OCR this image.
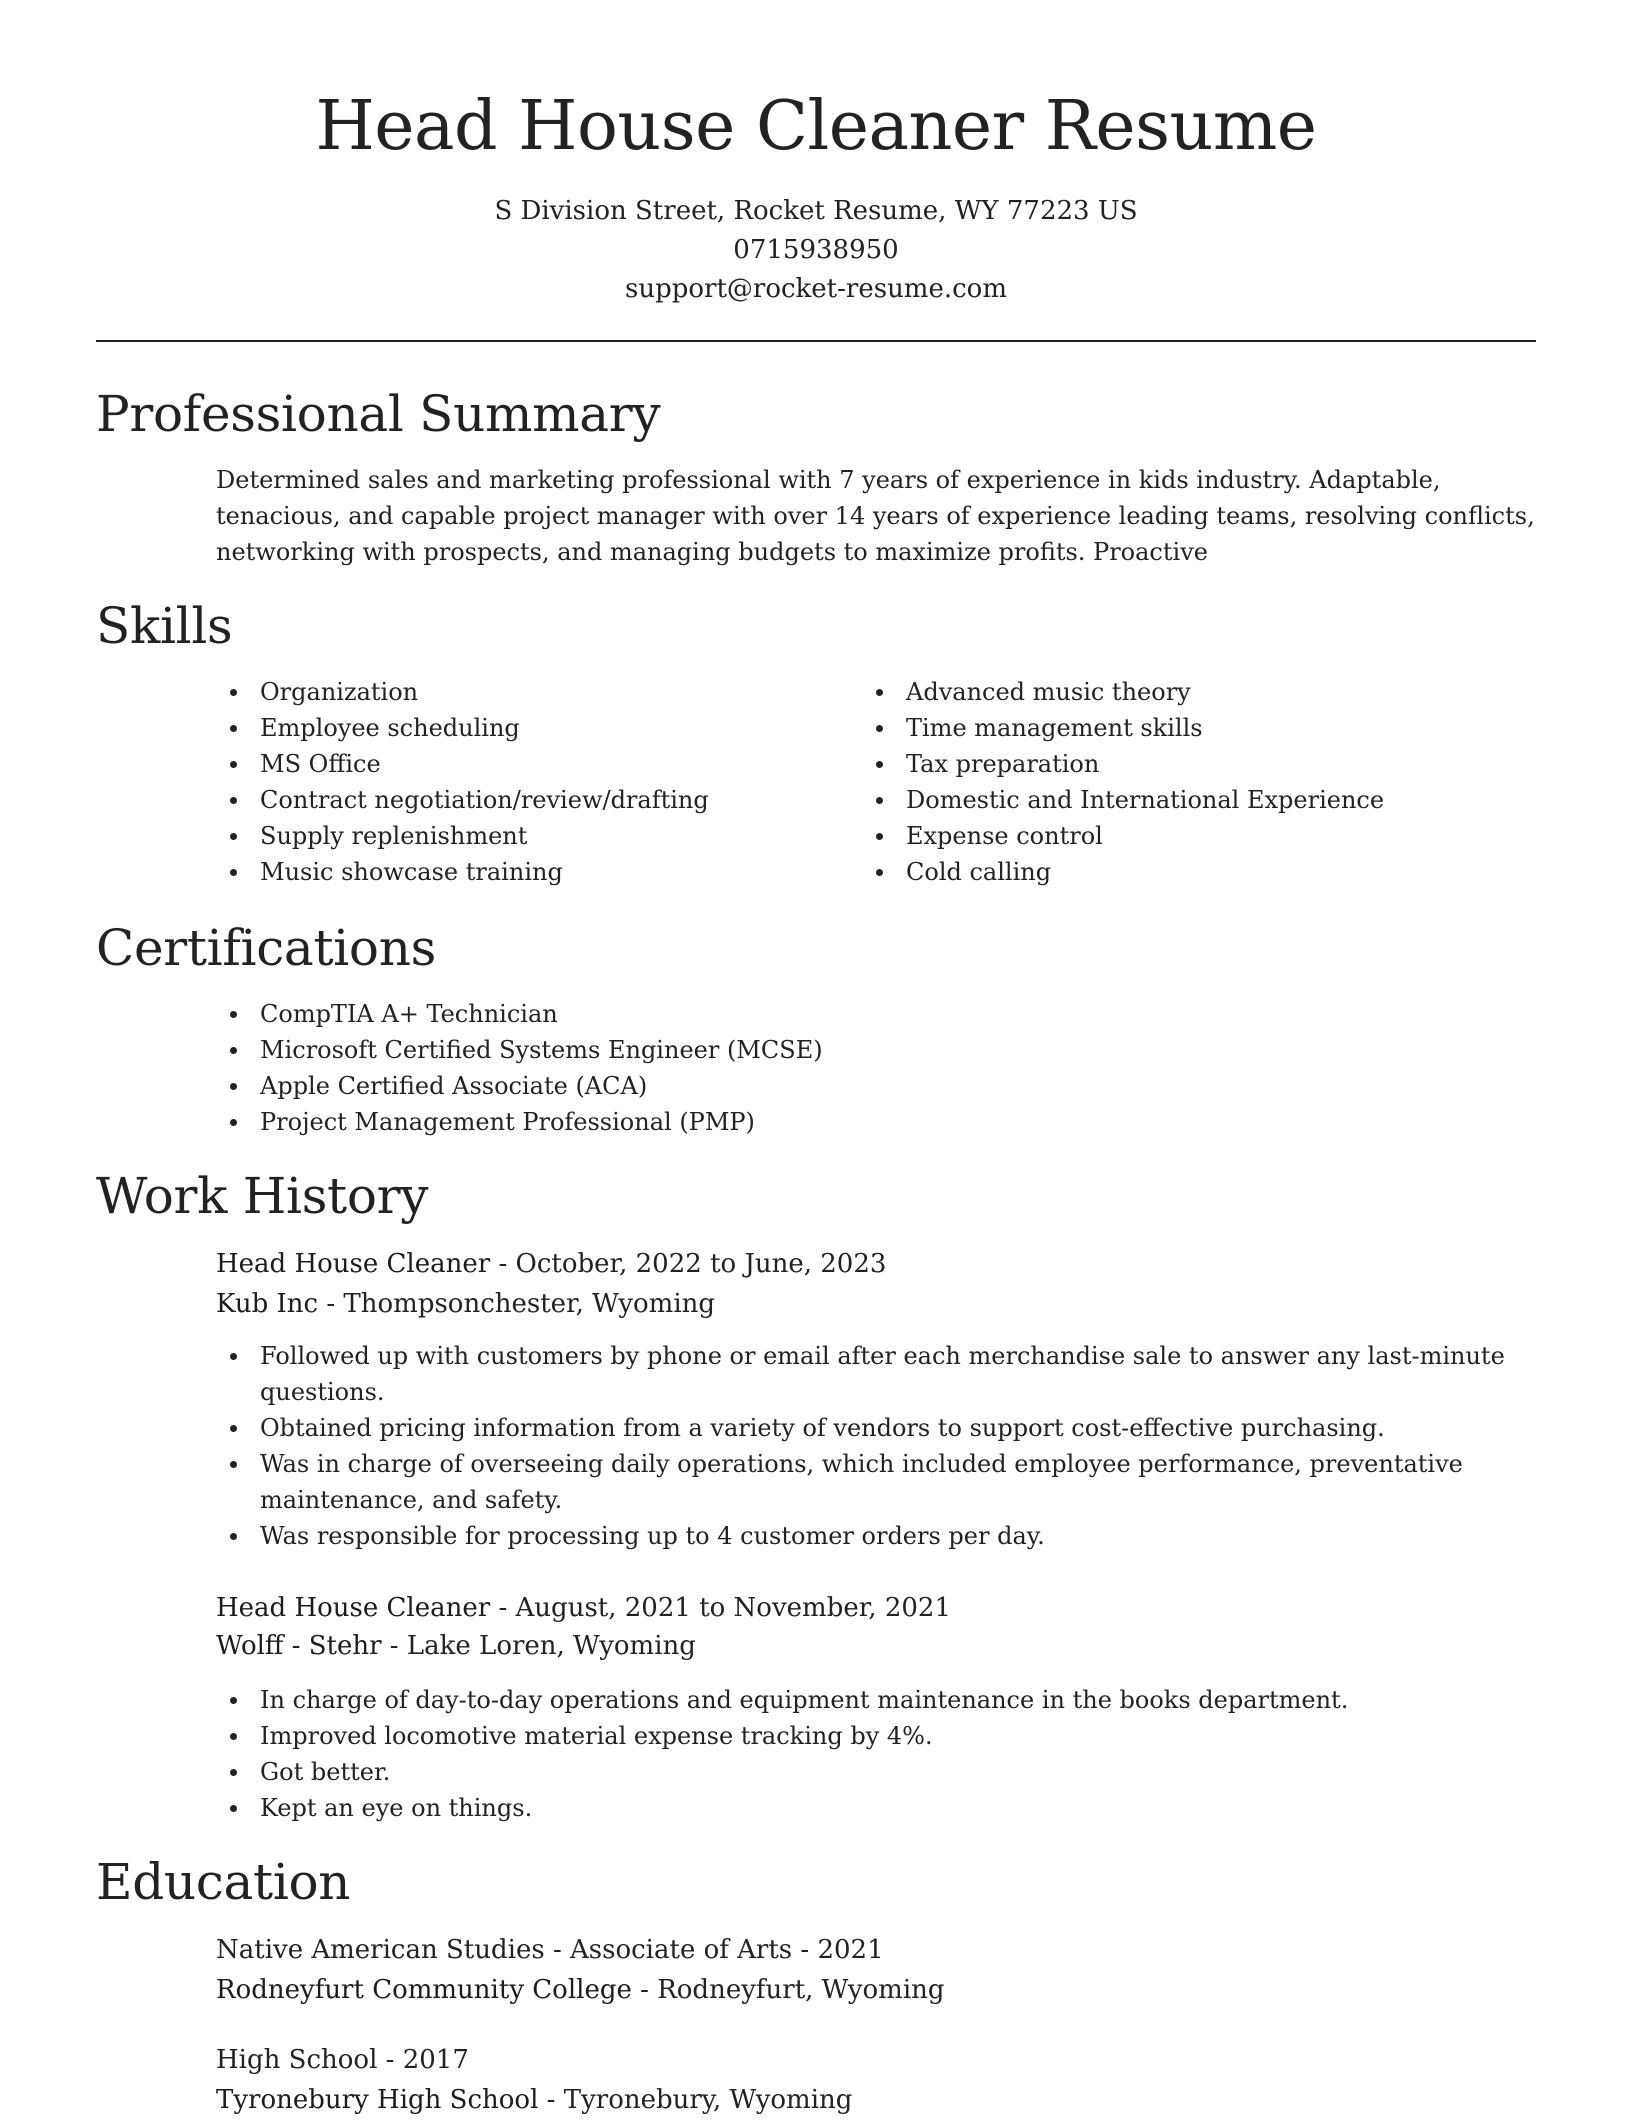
Head House Cleaner Resume
S Division Street, Rocket Resume, WY 77223 US
0715938950
support@rocket-resume.com
Professional Summary

Determined sales and marketing professional with 7 years of experience in kids industry. Adaptable, tenacious, and capable project manager with over 14 years of experience leading teams, resolving conflicts, networking with prospects, and managing budgets to maximize profits. Proactive

Skills
Organization
Employee scheduling
MS Office
Contract negotiation/review/drafting
Supply replenishment
Music showcase training
Advanced music theory
Time management skills
Tax preparation
Domestic and International Experience
Expense control
Cold calling
Certifications
CompTIA A+ Technician
Microsoft Certified Systems Engineer (MCSE)
Apple Certified Associate (ACA)
Project Management Professional (PMP)
Work History
Head House Cleaner - October, 2022 to June, 2023
Kub Inc - Thompsonchester, Wyoming
Followed up with customers by phone or email after each merchandise sale to answer any last-minute questions.
Obtained pricing information from a variety of vendors to support cost-effective purchasing.
Was in charge of overseeing daily operations, which included employee performance, preventative maintenance, and safety.
Was responsible for processing up to 4 customer orders per day.
Head House Cleaner - August, 2021 to November, 2021
Wolff - Stehr - Lake Loren, Wyoming
In charge of day-to-day operations and equipment maintenance in the books department.
Improved locomotive material expense tracking by 4%.
Got better.
Kept an eye on things.
Education
Native American Studies - Associate of Arts - 2021
Rodneyfurt Community College - Rodneyfurt, Wyoming
High School - 2017
Tyronebury High School - Tyronebury, Wyoming
